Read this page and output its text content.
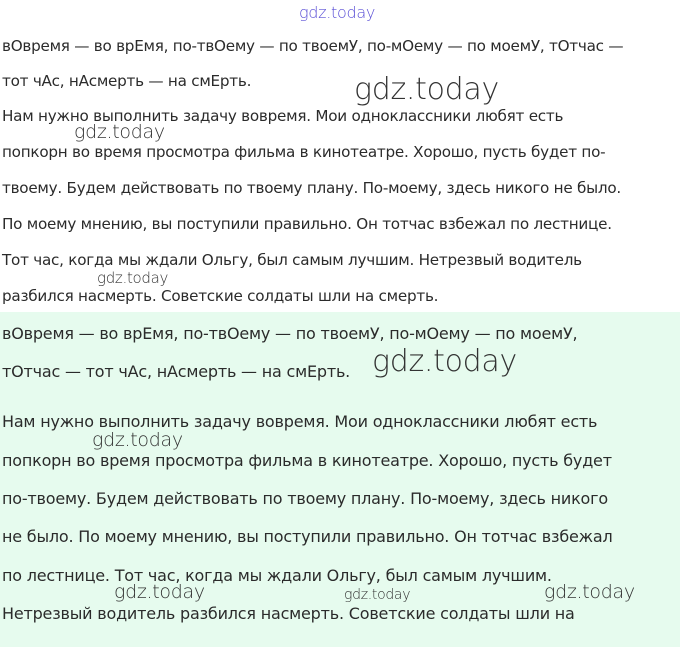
вОвремя — во врЕмя, по-твОему — по твоемУ, по-мОему — по моемУ, тОтчас —

тот чАс, нАсмерть — на смЕрть.

Нам нужно выполнить задачу вовремя. Мои одноклассники любят есть

попкорн во время просмотра фильма в кинотеатре. Хорошо, пусть будет по-

твоему. Будем действовать по твоему плану. По-моему, здесь никого не было.

По моему мнению, вы поступили правильно. Он тотчас взбежал по лестнице.

Тот час, когда мы ждали Ольгу, был самым лучшим. Нетрезвый водитель

разбился насмерть. Советские солдаты шли на смерть.

вОвремя — во врЕмя, по-твОему — по твоемУ, по-мОему — по моемУ,

тОтчас — тот чАс, нАсмерть — на смЕрть.

Нам нужно выполнить задачу вовремя. Мои одноклассники любят есть

попкорн во время просмотра фильма в кинотеатре. Хорошо, пусть будет

по-твоему. Будем действовать по твоему плану. По-моему, здесь никого

не было. По моему мнению, вы поступили правильно. Он тотчас взбежал

по лестнице. Тот час, когда мы ждали Ольгу, был самым лучшим.

Нетрезвый водитель разбился насмерть. Советские солдаты шли на

gdz.today
gdz.today
gdz.today
gdz.today
gdz.today
gdz.today
gdz.today	gdz.today	gdz.today
